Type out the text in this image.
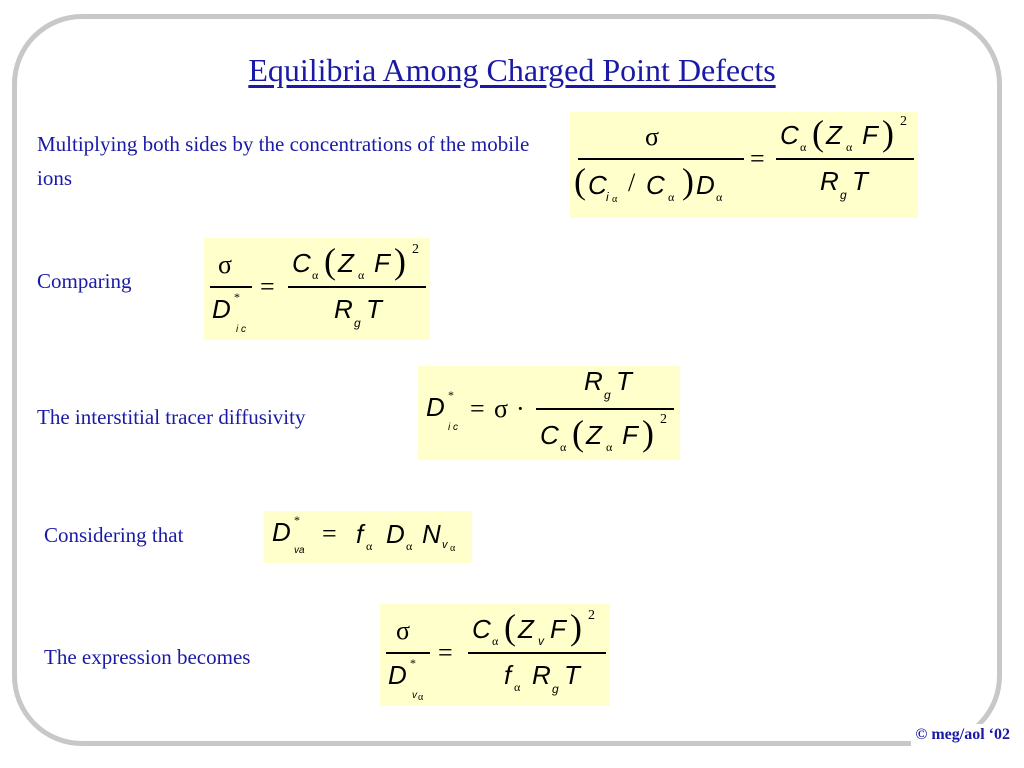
Equilibria Among Charged Point Defects
Multiplying both sides by the concentrations of the mobile ions
σ
( C i α
/ C α ) D α
=
C α ( Z α F ) 2
R g T
Comparing
σ
D *
i c
=
C α ( Z α F ) 2
R g T
The interstitial tracer diffusivity	D *
i c
= σ ·
R g T
C α ( Z α F ) 2
Considering that	D *
va
= f α D α N v α
The expression becomes
σ
D *
v α
=
C α ( Z v F ) 2
f α R g T
© meg/aol ‘02
